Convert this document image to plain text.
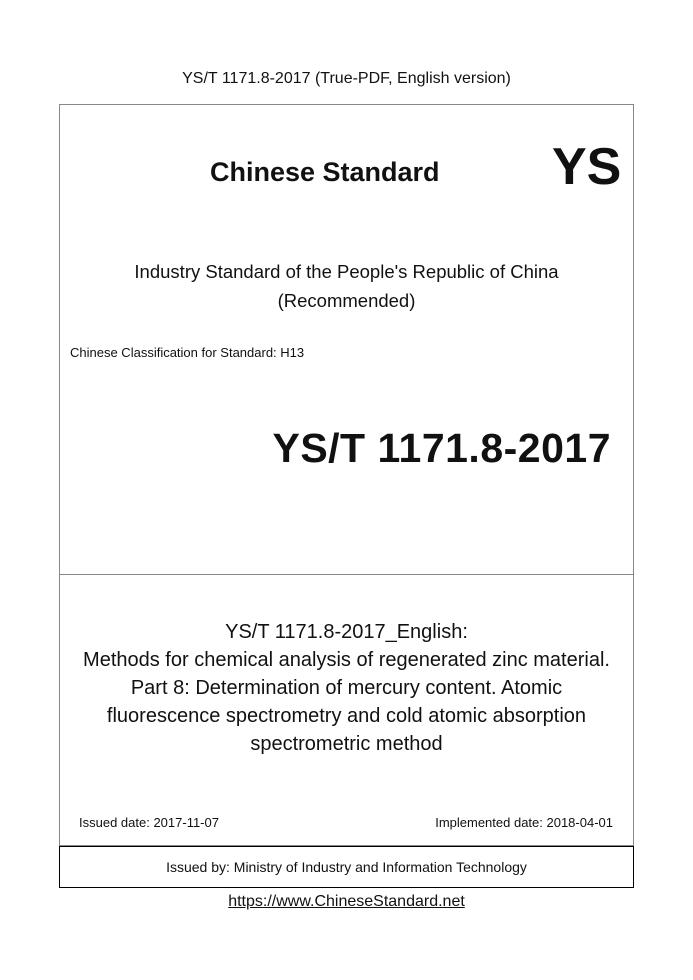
YS/T 1171.8-2017 (True-PDF, English version)
Chinese Standard YS
Industry Standard of the People's Republic of China
(Recommended)
Chinese Classification for Standard: H13
YS/T 1171.8-2017
YS/T 1171.8-2017_English:
Methods for chemical analysis of regenerated zinc material.
Part 8: Determination of mercury content. Atomic
fluorescence spectrometry and cold atomic absorption
spectrometric method
Issued date: 2017-11-07	Implemented date: 2018-04-01
Issued by: Ministry of Industry and Information Technology
https://www.ChineseStandard.net
